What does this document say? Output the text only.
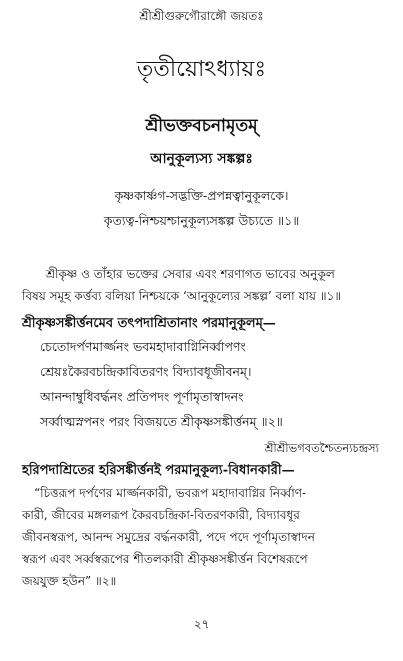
শ্রীশ্রীগুরুগৌরাঙ্গৌ জয়তঃ
তৃতীয়োঽধ্যায়ঃ
শ্রীভক্তবচনামৃতম্
আনুকূল্যস্য সঙ্কল্পঃ
কৃষ্ণকার্ষ্ণগ-সদ্ভক্তি-প্রপন্নত্বানুকূলকে।
কৃত্যত্ব-নিশ্চয়শ্চানুকূল্যসঙ্কল্প উচ্যতে ॥১॥
শ্রীকৃষ্ণ ও তাঁহার ভক্তের সেবার এবং শরণাগত ভাবের অনুকূল
বিষয় সমূহ কর্ত্তব্য বলিয়া নিশ্চয়কে ‘আনুকূল্যের সঙ্কল্প’ বলা যায় ॥১॥
শ্রীকৃষ্ণসঙ্কীর্ত্তনমেব তৎপদাশ্রিতানাং পরমানুকূলম্—
চেতোদর্পণমার্জ্জনং ভবমহাদাবাগ্নিনির্ব্বাপণং
শ্রেয়ঃকৈরবচন্দ্রিকাবিতরণং বিদ্যাবধূজীবনম্।
আনন্দাম্বুধিবর্দ্ধনং প্রতিপদং পূর্ণামৃতাস্বাদনং
সর্ব্বাত্মস্নপনং পরং বিজয়তে শ্রীকৃষ্ণসঙ্কীর্ত্তনম্ ॥২॥
শ্রীশ্রীভগবতশ্চৈতন্যচন্দ্রস্য
হরিপদাশ্রিতের হরিসঙ্কীর্ত্তনই পরমানুকূল্য-বিধানকারী—
“চিত্তরূপ দর্পণের মার্জ্জনকারী, ভবরূপ মহাদাবাগ্নির নির্ব্বাণ-
কারী, জীবের মঙ্গলরূপ কৈরবচন্দ্রিকা-বিতরণকারী, বিদ্যাবধূর
জীবনস্বরূপ, আনন্দ সমুদ্রের বর্দ্ধনকারী, পদে পদে পূর্ণামৃতাস্বাদন
স্বরূপ এবং সর্ব্বস্বরূপের শীতলকারী শ্রীকৃষ্ণসঙ্কীর্ত্তন বিশেষরূপে
জয়যুক্ত হউন” ॥২॥
২৭
